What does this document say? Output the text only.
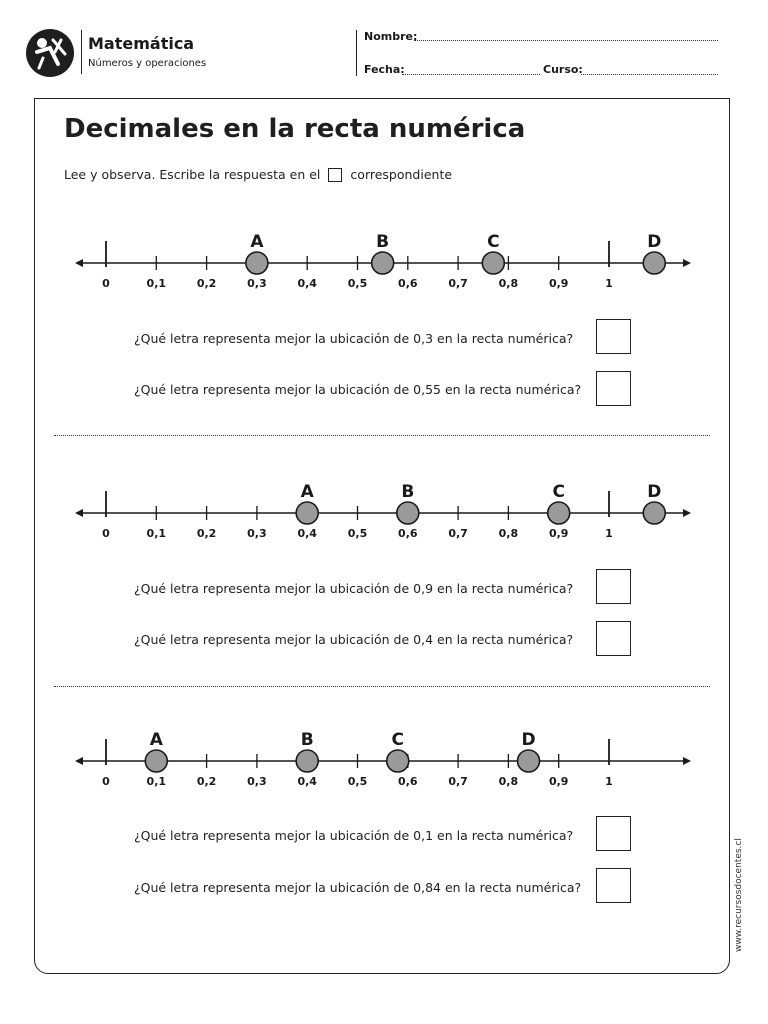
Matemática
Números y operaciones
Nombre:
Fecha:	Curso:
Decimales en la recta numérica
Lee y observa. Escribe la respuesta en el correspondiente
0	0,1	0,2	0,3	0,4	0,5	0,6	0,7	0,8	0,9	1
A	B	C	D
¿Qué letra representa mejor la ubicación de 0,3 en la recta numérica?
¿Qué letra representa mejor la ubicación de 0,55 en la recta numérica?
0	0,1	0,2	0,3	0,4	0,5	0,6	0,7	0,8	0,9	1
A	B	C	D
¿Qué letra representa mejor la ubicación de 0,9 en la recta numérica?
¿Qué letra representa mejor la ubicación de 0,4 en la recta numérica?
0	0,1	0,2	0,3	0,4	0,5	0,6	0,7	0,8	0,9	1
A	B	C	D
¿Qué letra representa mejor la ubicación de 0,1 en la recta numérica?
¿Qué letra representa mejor la ubicación de 0,84 en la recta numérica?	www.recursosdocentes.cl
